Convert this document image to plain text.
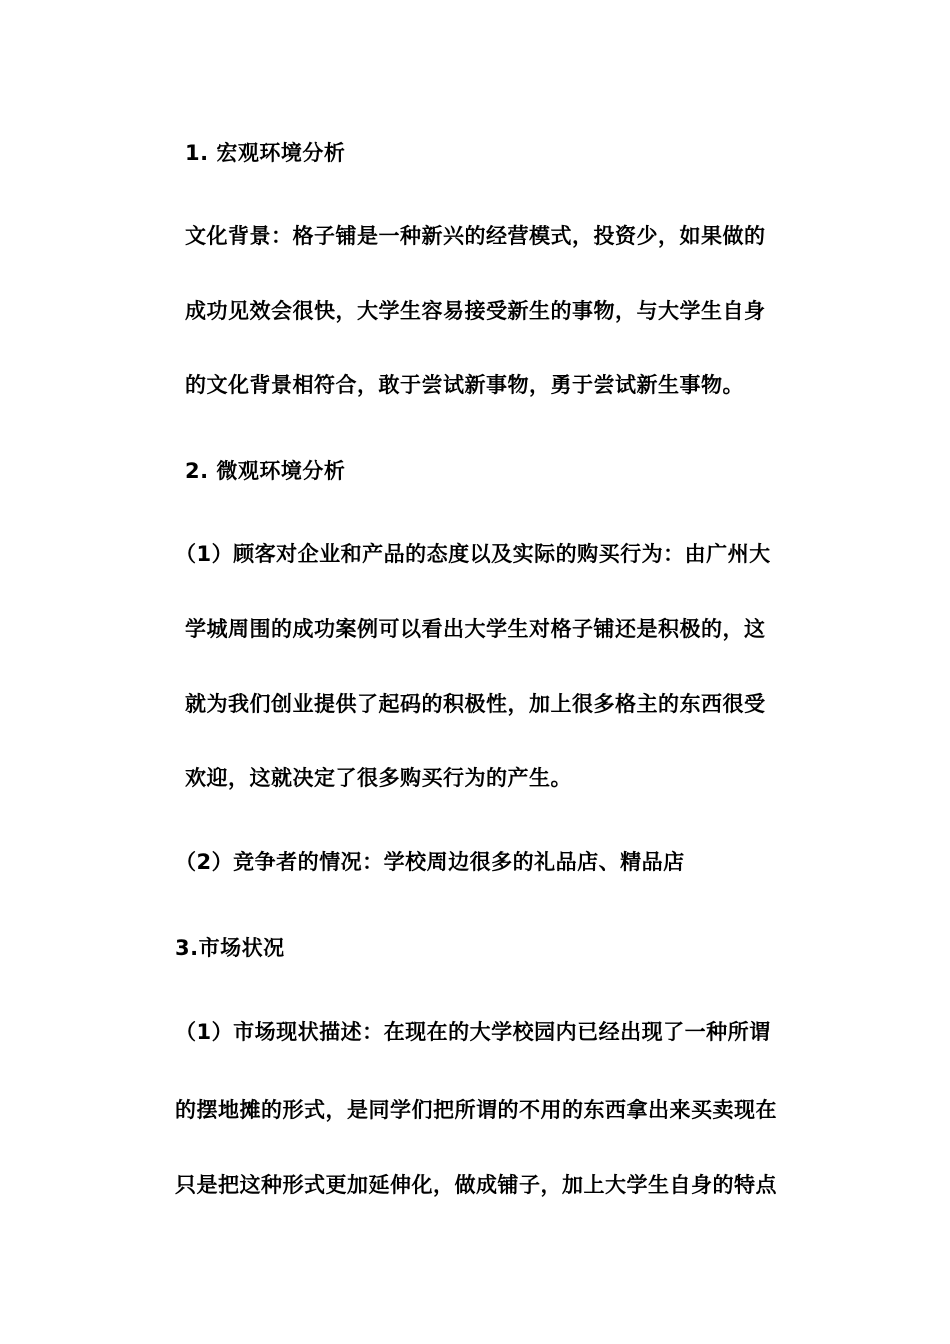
1. 宏观环境分析
文化背景：格子铺是一种新兴的经营模式，投资少，如果做的
成功见效会很快，大学生容易接受新生的事物，与大学生自身
的文化背景相符合，敢于尝试新事物，勇于尝试新生事物。
2. 微观环境分析
（1）顾客对企业和产品的态度以及实际的购买行为：由广州大
学城周围的成功案例可以看出大学生对格子铺还是积极的，这
就为我们创业提供了起码的积极性，加上很多格主的东西很受
欢迎，这就决定了很多购买行为的产生。
（2）竞争者的情况：学校周边很多的礼品店、精品店
3.市场状况
（1）市场现状描述：在现在的大学校园内已经出现了一种所谓
的摆地摊的形式，是同学们把所谓的不用的东西拿出来买卖现在
只是把这种形式更加延伸化，做成铺子，加上大学生自身的特点
